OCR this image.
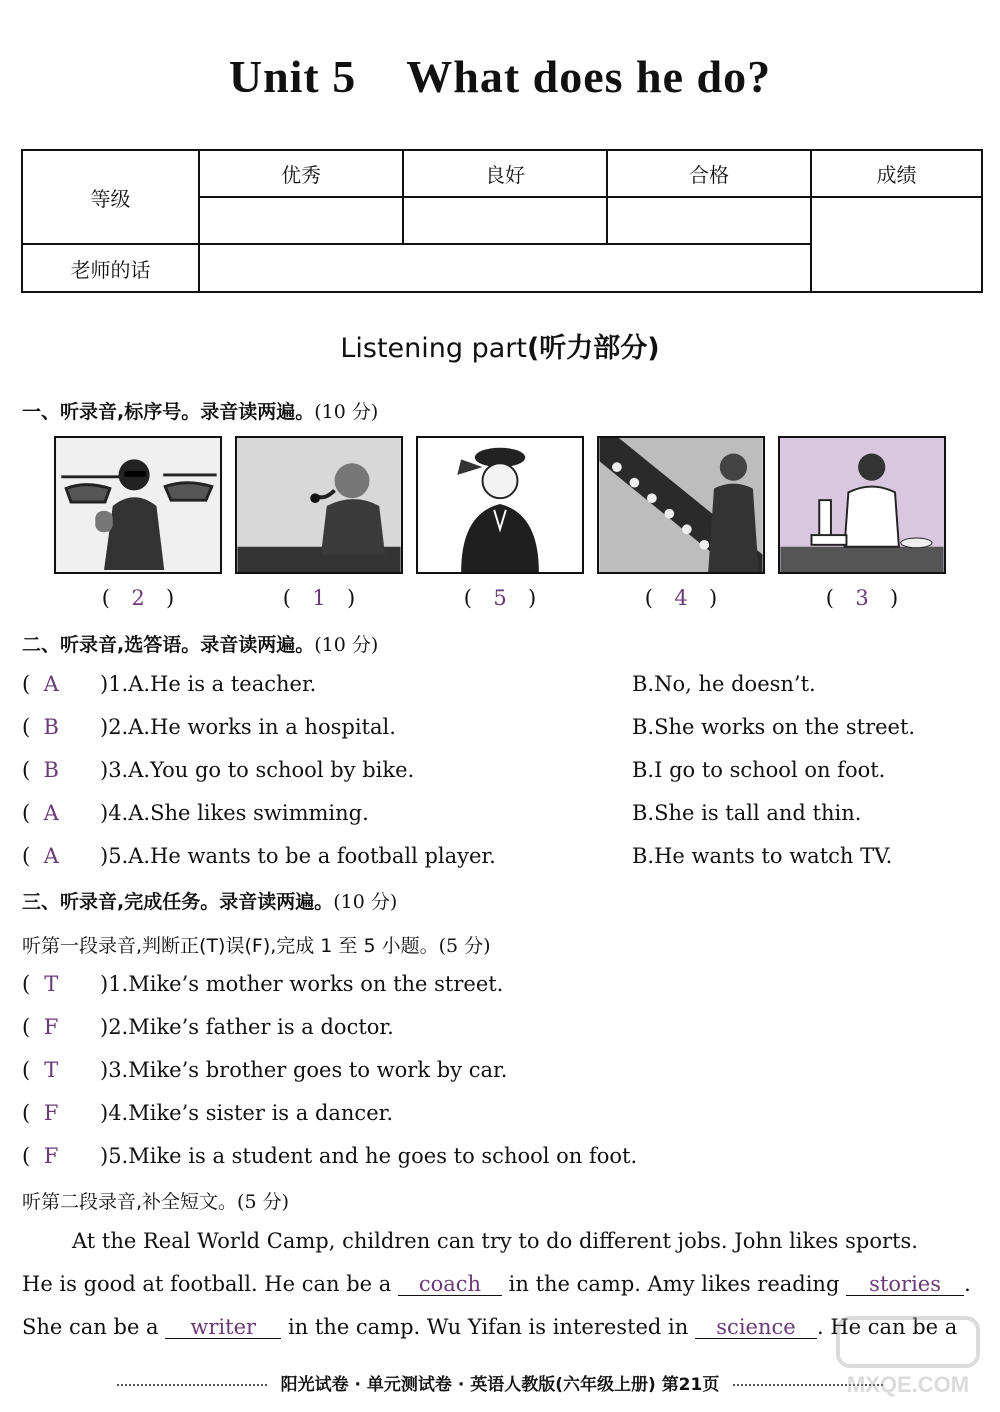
Unit 5 What does he do?
等级	优秀	良好	合格	成绩

老师的话				
Listening part(听力部分)
一、听录音,标序号。录音读两遍。(10 分)
( 2 )	( 1 )	( 5 )	( 4 )	( 3 )
二、听录音,选答语。录音读两遍。(10 分)
( A )1.A.He is a teacher.	B.No, he doesn’t.
( B )2.A.He works in a hospital.	B.She works on the street.
( B )3.A.You go to school by bike.	B.I go to school on foot.
( A )4.A.She likes swimming.	B.She is tall and thin.
( A )5.A.He wants to be a football player.	B.He wants to watch TV.
三、听录音,完成任务。录音读两遍。(10 分)
听第一段录音,判断正(T)误(F),完成 1 至 5 小题。(5 分)
( T )1.Mike’s mother works on the street.
( F )2.Mike’s father is a doctor.
( T )3.Mike’s brother goes to work by car.
( F )4.Mike’s sister is a dancer.
( F )5.Mike is a student and he goes to school on foot.
听第二段录音,补全短文。(5 分)
At the Real World Camp, children can try to do different jobs. John likes sports.
He is good at football. He can be a coach in the camp. Amy likes reading stories .
She can be a writer in the camp. Wu Yifan is interested in science . He can be a
阳光试卷 · 单元测试卷 · 英语人教版(六年级上册) 第21页	MXQE.COM
